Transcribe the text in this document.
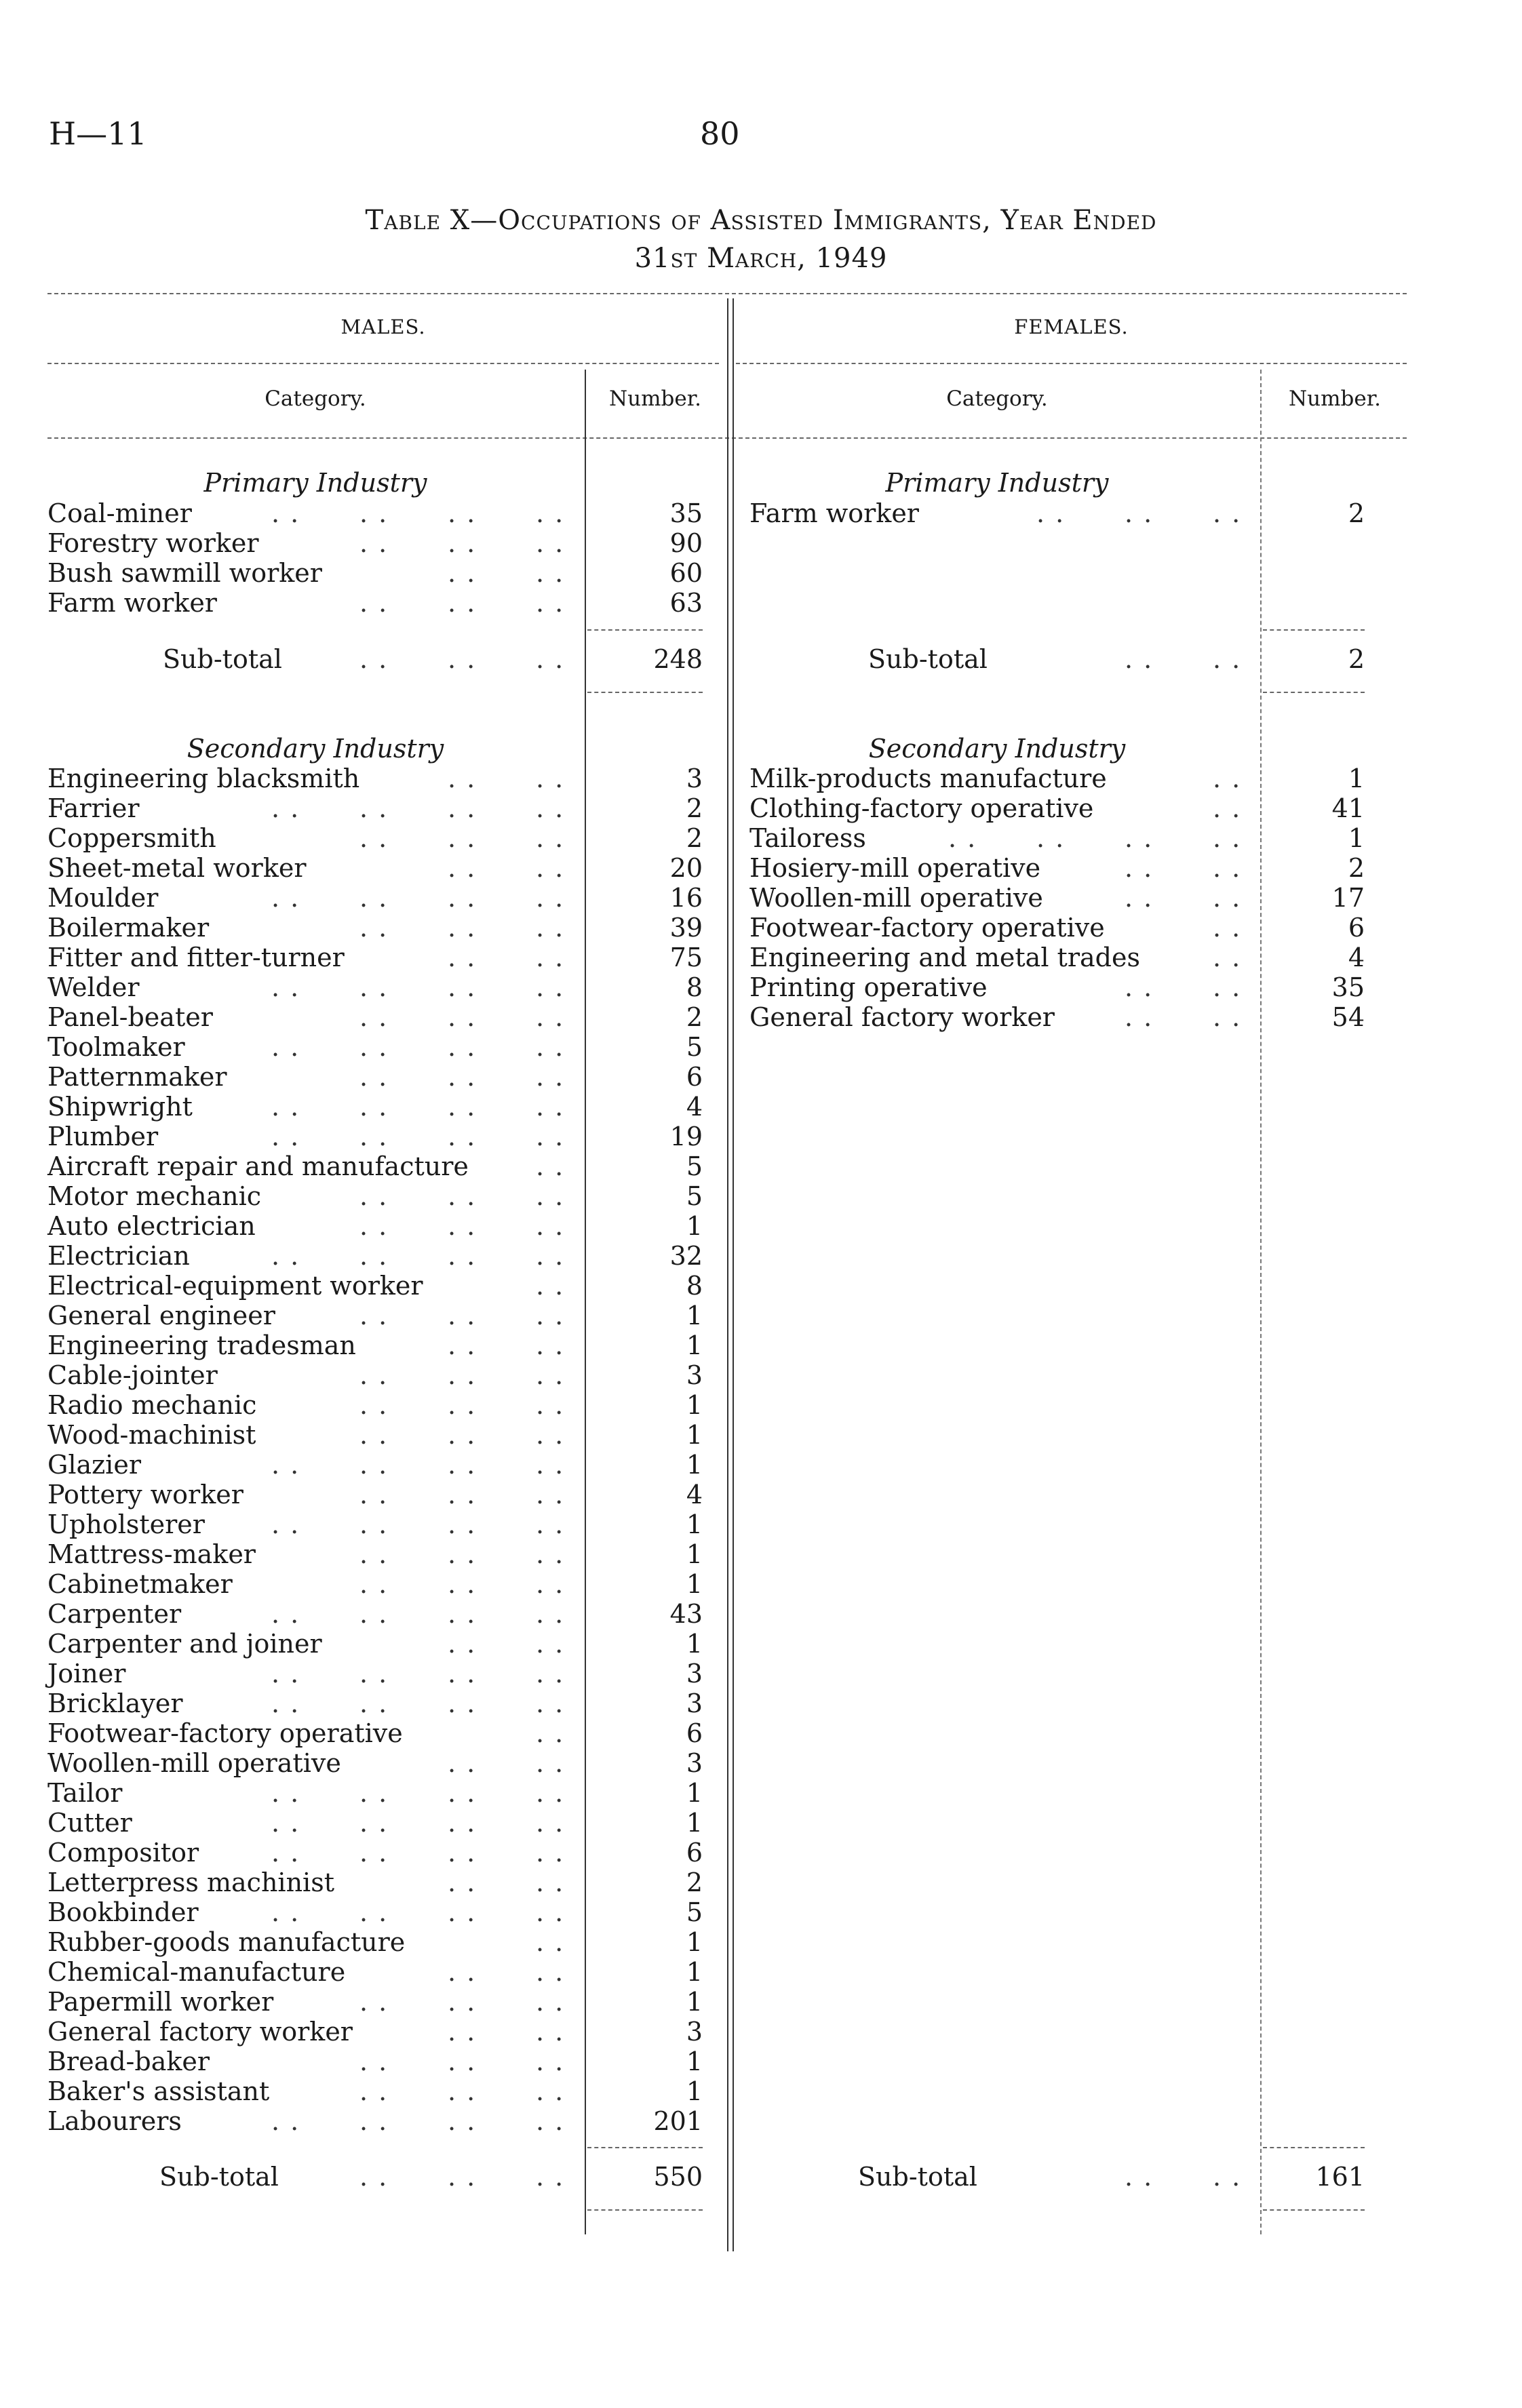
H—11	80
Table X—Occupations of Assisted Immigrants, Year Ended
31st March, 1949
MALES.	FEMALES.
Category.	Number.	Category.	Number.
Primary Industry
Coal-miner	35
Forestry worker	90
Bush sawmill worker	60
Farm worker	63
Sub-total	248
Secondary Industry
Engineering blacksmith	3
Farrier	2
Coppersmith	2
Sheet-metal worker	20
Moulder	16
Boilermaker	39
Fitter and fitter-turner	75
Welder	8
Panel-beater	2
Toolmaker	5
Patternmaker	6
Shipwright	4
Plumber	19
Aircraft repair and manufacture	5
Motor mechanic	5
Auto electrician	1
Electrician	32
Electrical-equipment worker	8
General engineer	1
Engineering tradesman	1
Cable-jointer	3
Radio mechanic	1
Wood-machinist	1
Glazier	1
Pottery worker	4
Upholsterer	1
Mattress-maker	1
Cabinetmaker	1
Carpenter	43
Carpenter and joiner	1
Joiner	3
Bricklayer	3
Footwear-factory operative	6
Woollen-mill operative	3
Tailor	1
Cutter	1
Compositor	6
Letterpress machinist	2
Bookbinder	5
Rubber-goods manufacture	1
Chemical-manufacture	1
Papermill worker	1
General factory worker	3
Bread-baker	1
Baker's assistant	1
Labourers	201
Sub-total	550
Primary Industry
Farm worker	2
Sub-total	2
Secondary Industry
Milk-products manufacture	1
Clothing-factory operative	41
Tailoress	1
Hosiery-mill operative	2
Woollen-mill operative	17
Footwear-factory operative	6
Engineering and metal trades	4
Printing operative	35
General factory worker	54
Sub-total	161
. .
. .
. .
. .
. .
. .
. .
. .
. .
. .
. .
. .
. .
. .
. .
. .
. .
. .
. .
. .
. .
. .
. .
. .
. .
. .
. .
. .
. .
. .
. .
. .
. .
. .
. .
. .
. .
. .
. .
. .
. .
. .
. .
. .
. .
. .
. .
. .
. .
. .
. .
. .
. .
. .
. .
. .
. .
. .
. .
. .
. .
. .
. .
. .
. .
. .
. .
. .
. .
. .
. .
. .
. .
. .
. .
. .
. .
. .
. .
. .
. .
. .
. .
. .
. .
. .
. .
. .
. .
. .
. .
. .
. .
. .
. .
. .
. .
. .
. .
. .
. .
. .
. .
. .
. .
. .
. .
. .
. .
. .
. .
. .
. .
. .
. .
. .
. .
. .
. .
. .
. .
. .
. .
. .
. .
. .
. .
. .
. .
. .
. .
. .
. .
. .
. .
. .
. .
. .
. .
. .
. .
. .
. .
. .
. .
. .
. .
. .
. .
. .
. .
. .
. .
. .
. .
. .
. .
. .
. .
. .
. .
. .
. .
. .
. .
. .
. .
. .
. .
. .
. .
. .
. .
. .
. .
. .
. .
. .
. .
